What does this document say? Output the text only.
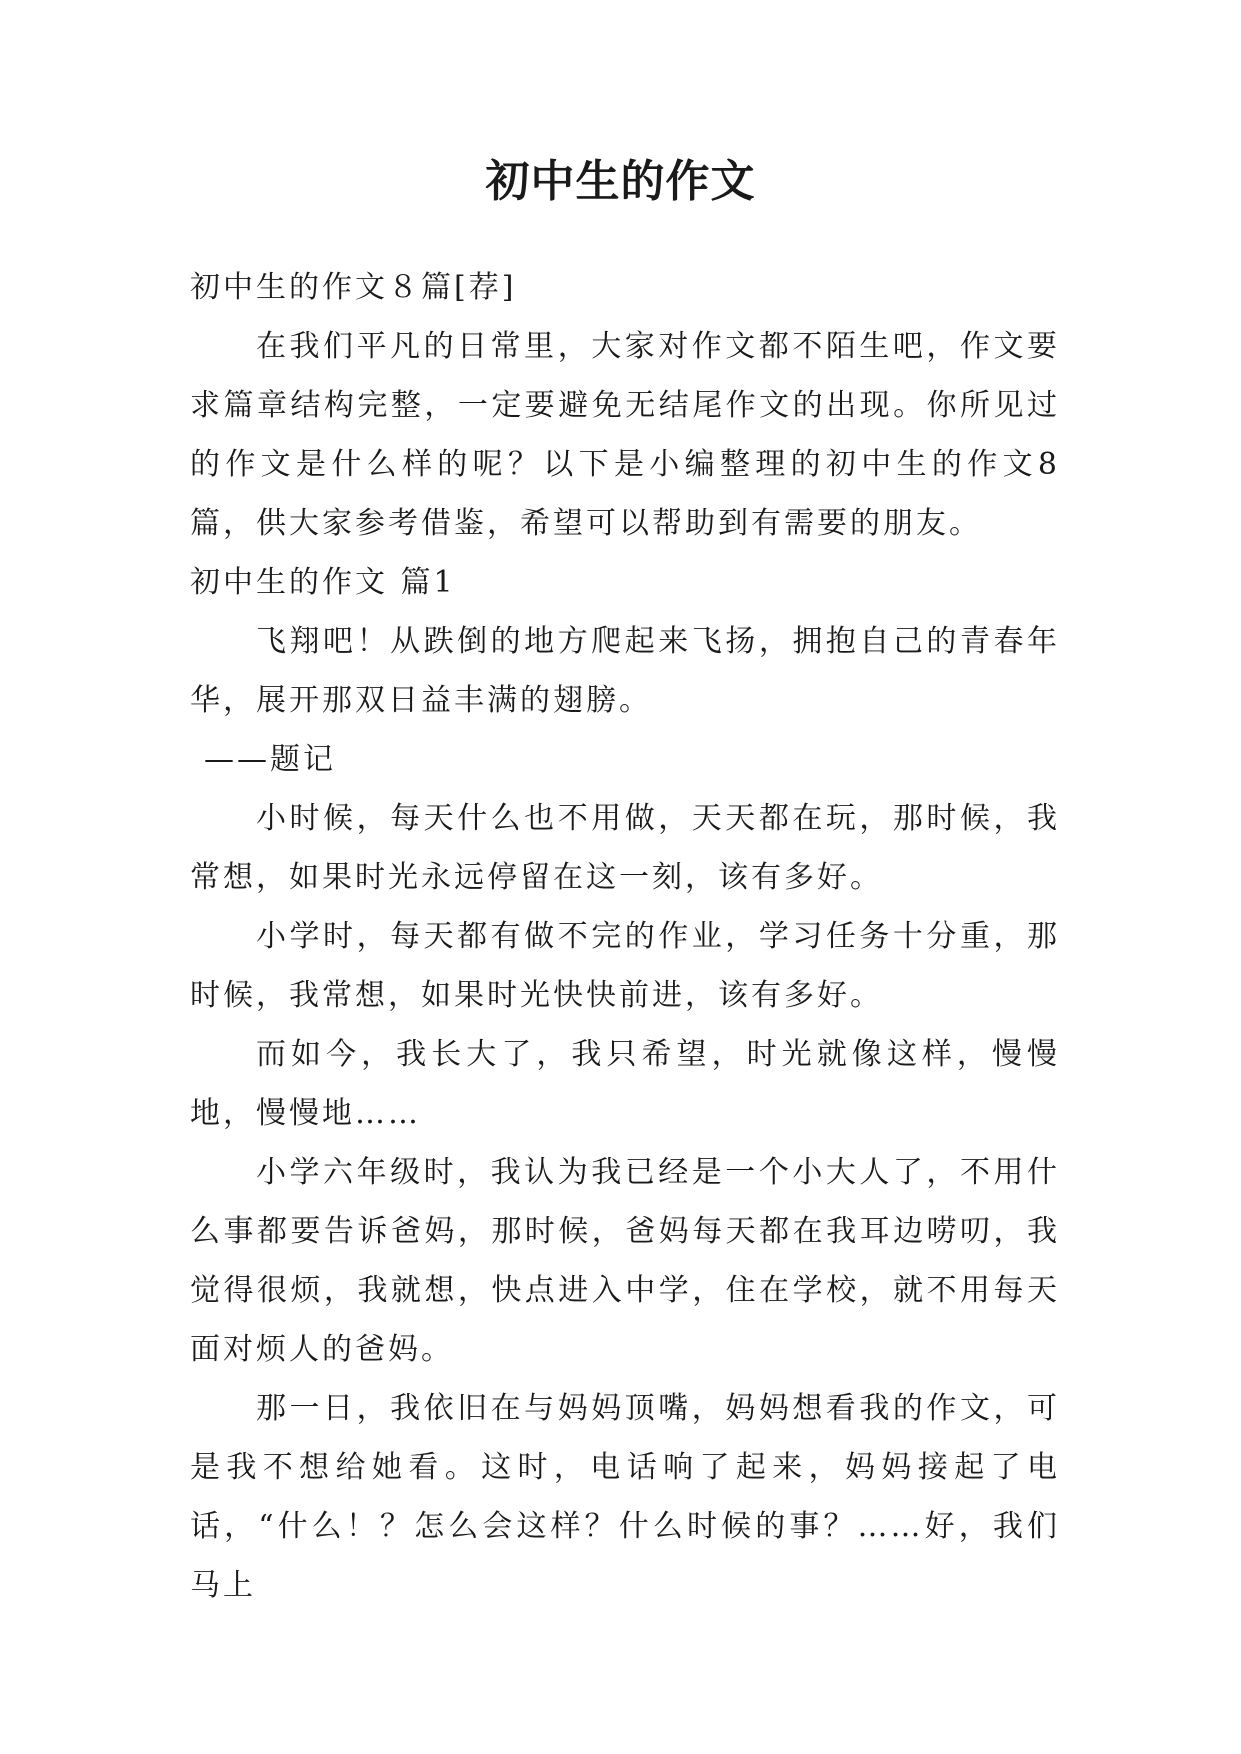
初中生的作文

初中生的作文８篇[荐]

在我们平凡的日常里，大家对作文都不陌生吧，作文要求篇章结构完整，一定要避免无结尾作文的出现。你所见过的作文是什么样的呢？以下是小编整理的初中生的作文8篇，供大家参考借鉴，希望可以帮助到有需要的朋友。

初中生的作文 篇1

飞翔吧！从跌倒的地方爬起来飞扬，拥抱自己的青春年华，展开那双日益丰满的翅膀。

——题记

小时候，每天什么也不用做，天天都在玩，那时候，我常想，如果时光永远停留在这一刻，该有多好。

小学时，每天都有做不完的作业，学习任务十分重，那时候，我常想，如果时光快快前进，该有多好。

而如今，我长大了，我只希望，时光就像这样，慢慢地，慢慢地……

小学六年级时，我认为我已经是一个小大人了，不用什么事都要告诉爸妈，那时候，爸妈每天都在我耳边唠叨，我觉得很烦，我就想，快点进入中学，住在学校，就不用每天面对烦人的爸妈。

那一日，我依旧在与妈妈顶嘴，妈妈想看我的作文，可是我不想给她看。这时，电话响了起来，妈妈接起了电话，“什么！？怎么会这样？什么时候的事？……好，我们马上
